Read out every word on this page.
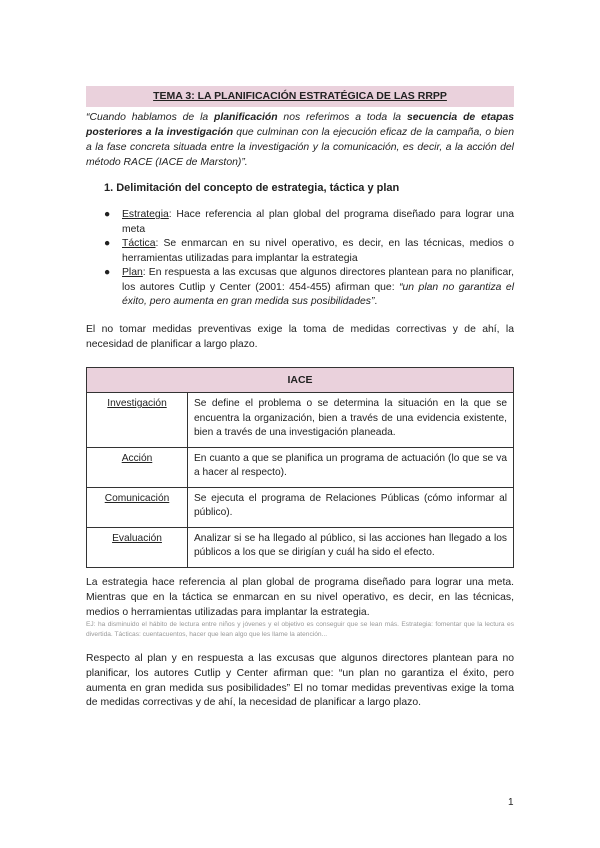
TEMA 3: LA PLANIFICACIÓN ESTRATÉGICA DE LAS RRPP
“Cuando hablamos de la planificación nos referimos a toda la secuencia de etapas posteriores a la investigación que culminan con la ejecución eficaz de la campaña, o bien a la fase concreta situada entre la investigación y la comunicación, es decir, a la acción del método RACE (IACE de Marston)”.
1. Delimitación del concepto de estrategia, táctica y plan
● Estrategia: Hace referencia al plan global del programa diseñado para lograr una meta
● Táctica: Se enmarcan en su nivel operativo, es decir, en las técnicas, medios o herramientas utilizadas para implantar la estrategia
● Plan: En respuesta a las excusas que algunos directores plantean para no planificar, los autores Cutlip y Center (2001: 454-455) afirman que: “un plan no garantiza el éxito, pero aumenta en gran medida sus posibilidades”.
El no tomar medidas preventivas exige la toma de medidas correctivas y de ahí, la necesidad de planificar a largo plazo.
IACE	
Investigación	Se define el problema o se determina la situación en la que se encuentra la organización, bien a través de una evidencia existente, bien a través de una investigación planeada.
Acción	En cuanto a que se planifica un programa de actuación (lo que se va a hacer al respecto).
Comunicación	Se ejecuta el programa de Relaciones Públicas (cómo informar al público).
Evaluación	Analizar si se ha llegado al público, si las acciones han llegado a los públicos a los que se dirigían y cuál ha sido el efecto.
La estrategia hace referencia al plan global de programa diseñado para lograr una meta. Mientras que en la táctica se enmarcan en su nivel operativo, es decir, en las técnicas, medios o herramientas utilizadas para implantar la estrategia.
EJ: ha disminuido el hábito de lectura entre niños y jóvenes y el objetivo es conseguir que se lean más. Estrategia: fomentar que la lectura es divertida. Tácticas: cuentacuentos, hacer que lean algo que les llame la atención...
Respecto al plan y en respuesta a las excusas que algunos directores plantean para no planificar, los autores Cutlip y Center afirman que: “un plan no garantiza el éxito, pero aumenta en gran medida sus posibilidades” El no tomar medidas preventivas exige la toma de medidas correctivas y de ahí, la necesidad de planificar a largo plazo.
1
